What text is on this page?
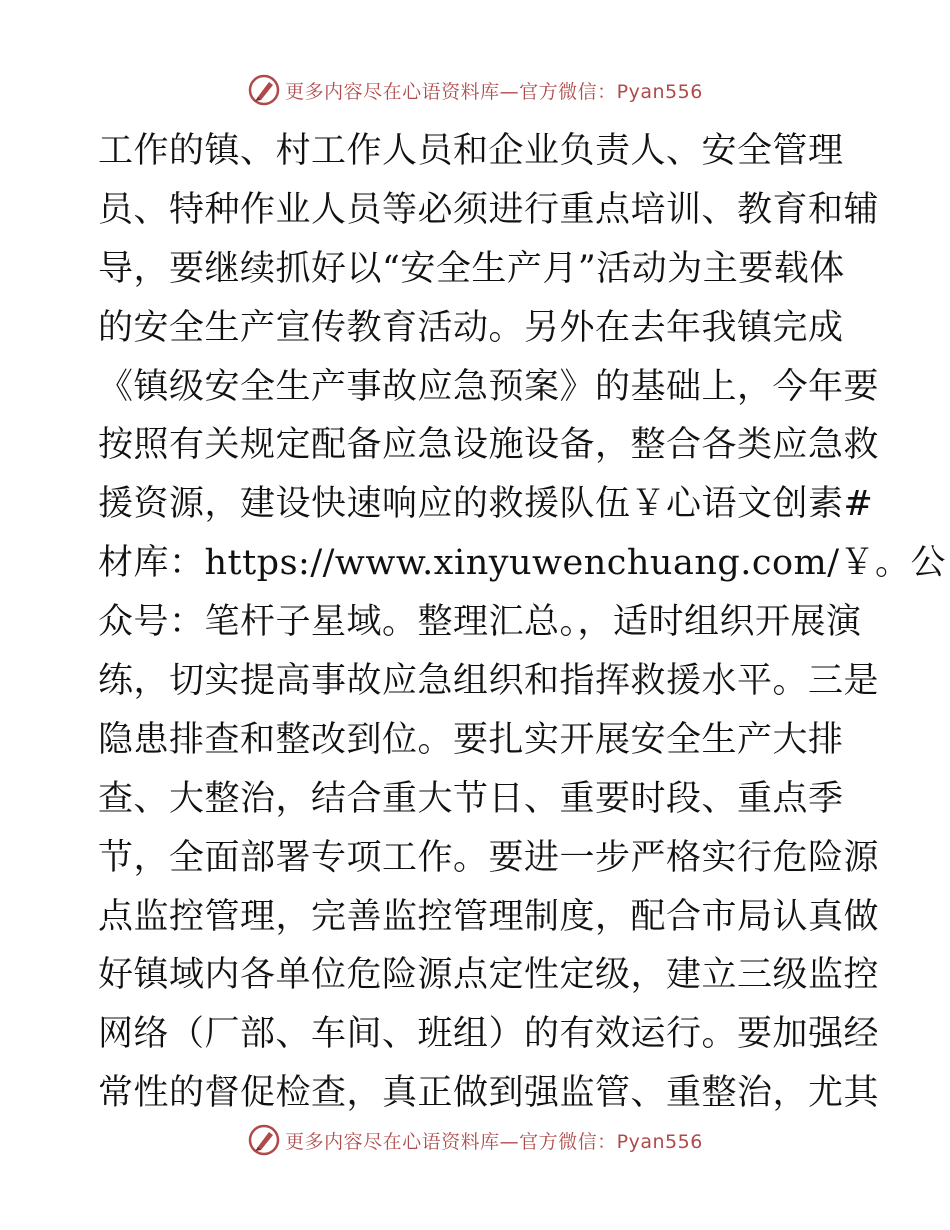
更多内容尽在心语资料库—官方微信：Pyan556
工作的镇、村工作人员和企业负责人、安全管理
员、特种作业人员等必须进行重点培训、教育和辅
导，要继续抓好以“安全生产月”活动为主要载体
的安全生产宣传教育活动。另外在去年我镇完成
《镇级安全生产事故应急预案》的基础上，今年要
按照有关规定配备应急设施设备，整合各类应急救
援资源，建设快速响应的救援队伍￥心语文创素#
材库：https://www.xinyuwenchuang.com/￥。公
众号：笔杆子星域。整理汇总。，适时组织开展演
练，切实提高事故应急组织和指挥救援水平。三是
隐患排查和整改到位。要扎实开展安全生产大排
查、大整治，结合重大节日、重要时段、重点季
节，全面部署专项工作。要进一步严格实行危险源
点监控管理，完善监控管理制度，配合市局认真做
好镇域内各单位危险源点定性定级，建立三级监控
网络（厂部、车间、班组）的有效运行。要加强经
常性的督促检查，真正做到强监管、重整治，尤其
更多内容尽在心语资料库—官方微信：Pyan556
